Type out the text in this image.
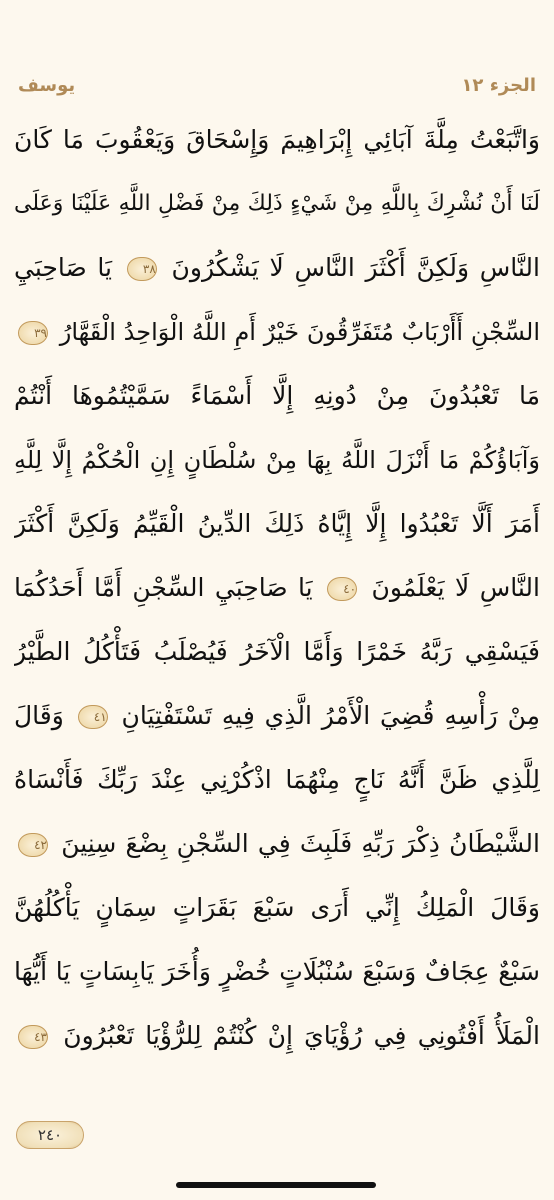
يوسف	الجزء ١٢
وَاتَّبَعْتُ مِلَّةَ آبَائِي إِبْرَاهِيمَ وَإِسْحَاقَ وَيَعْقُوبَ مَا كَانَ
لَنَا أَنْ نُشْرِكَ بِاللَّهِ مِنْ شَيْءٍ ذَلِكَ مِنْ فَضْلِ اللَّهِ عَلَيْنَا وَعَلَى
النَّاسِ وَلَكِنَّ أَكْثَرَ النَّاسِ لَا يَشْكُرُونَ ٣٨ يَا صَاحِبَيِ
السِّجْنِ أَأَرْبَابٌ مُتَفَرِّقُونَ خَيْرٌ أَمِ اللَّهُ الْوَاحِدُ الْقَهَّارُ ٣٩
مَا تَعْبُدُونَ مِنْ دُونِهِ إِلَّا أَسْمَاءً سَمَّيْتُمُوهَا أَنْتُمْ
وَآبَاؤُكُمْ مَا أَنْزَلَ اللَّهُ بِهَا مِنْ سُلْطَانٍ إِنِ الْحُكْمُ إِلَّا لِلَّهِ
أَمَرَ أَلَّا تَعْبُدُوا إِلَّا إِيَّاهُ ذَلِكَ الدِّينُ الْقَيِّمُ وَلَكِنَّ أَكْثَرَ
النَّاسِ لَا يَعْلَمُونَ ٤٠ يَا صَاحِبَيِ السِّجْنِ أَمَّا أَحَدُكُمَا
فَيَسْقِي رَبَّهُ خَمْرًا وَأَمَّا الْآخَرُ فَيُصْلَبُ فَتَأْكُلُ الطَّيْرُ
مِنْ رَأْسِهِ قُضِيَ الْأَمْرُ الَّذِي فِيهِ تَسْتَفْتِيَانِ ٤١ وَقَالَ
لِلَّذِي ظَنَّ أَنَّهُ نَاجٍ مِنْهُمَا اذْكُرْنِي عِنْدَ رَبِّكَ فَأَنْسَاهُ
الشَّيْطَانُ ذِكْرَ رَبِّهِ فَلَبِثَ فِي السِّجْنِ بِضْعَ سِنِينَ ٤٢
وَقَالَ الْمَلِكُ إِنِّي أَرَى سَبْعَ بَقَرَاتٍ سِمَانٍ يَأْكُلُهُنَّ
سَبْعٌ عِجَافٌ وَسَبْعَ سُنْبُلَاتٍ خُضْرٍ وَأُخَرَ يَابِسَاتٍ يَا أَيُّهَا
الْمَلَأُ أَفْتُونِي فِي رُؤْيَايَ إِنْ كُنْتُمْ لِلرُّؤْيَا تَعْبُرُونَ ٤٣
٢٤٠
